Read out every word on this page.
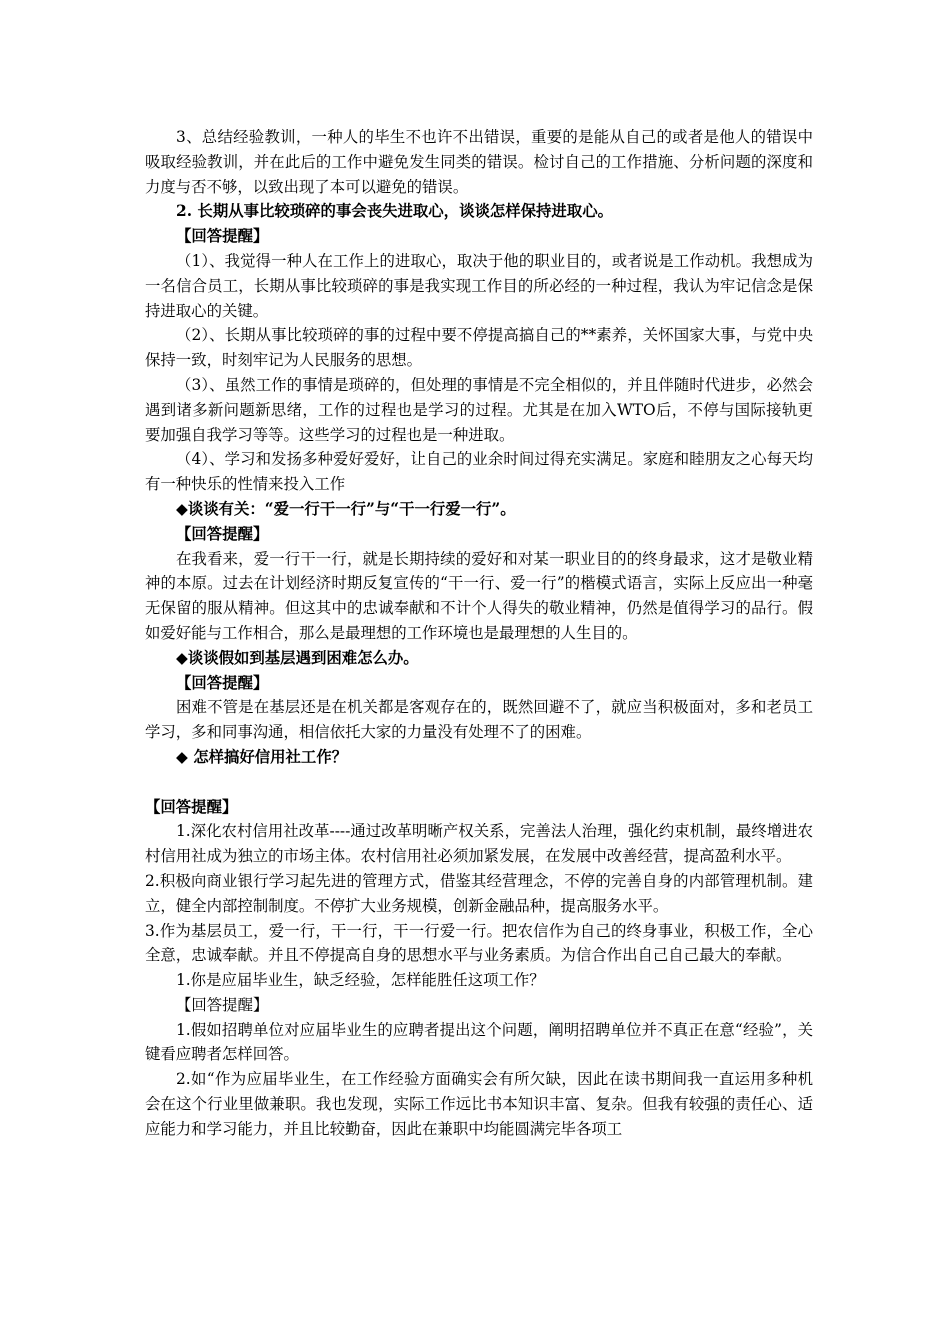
3、总结经验教训，一种人的毕生不也许不出错误，重要的是能从自己的或者是他人的错误中吸取经验教训，并在此后的工作中避免发生同类的错误。检讨自己的工作措施、分析问题的深度和力度与否不够，以致出现了本可以避免的错误。

2. 长期从事比较琐碎的事会丧失进取心，谈谈怎样保持进取心。

【回答提醒】

（1）、我觉得一种人在工作上的进取心，取决于他的职业目的，或者说是工作动机。我想成为一名信合员工，长期从事比较琐碎的事是我实现工作目的所必经的一种过程，我认为牢记信念是保持进取心的关键。

（2）、长期从事比较琐碎的事的过程中要不停提高搞自己的**素养，关怀国家大事，与党中央保持一致，时刻牢记为人民服务的思想。

（3）、虽然工作的事情是琐碎的，但处理的事情是不完全相似的，并且伴随时代进步，必然会遇到诸多新问题新思绪，工作的过程也是学习的过程。尤其是在加入WTO后，不停与国际接轨更要加强自我学习等等。这些学习的过程也是一种进取。

（4）、学习和发扬多种爱好爱好，让自己的业余时间过得充实满足。家庭和睦朋友之心每天均有一种快乐的性情来投入工作

◆谈谈有关：“爱一行干一行”与“干一行爱一行”。

【回答提醒】

在我看来，爱一行干一行，就是长期持续的爱好和对某一职业目的的终身最求，这才是敬业精神的本原。过去在计划经济时期反复宣传的“干一行、爱一行”的楷模式语言，实际上反应出一种毫无保留的服从精神。但这其中的忠诚奉献和不计个人得失的敬业精神，仍然是值得学习的品行。假如爱好能与工作相合，那么是最理想的工作环境也是最理想的人生目的。

◆谈谈假如到基层遇到困难怎么办。

【回答提醒】

困难不管是在基层还是在机关都是客观存在的，既然回避不了，就应当积极面对，多和老员工学习，多和同事沟通，相信依托大家的力量没有处理不了的困难。

◆ 怎样搞好信用社工作？

【回答提醒】

1.深化农村信用社改革----通过改革明晰产权关系，完善法人治理，强化约束机制，最终增进农村信用社成为独立的市场主体。农村信用社必须加紧发展，在发展中改善经营，提高盈利水平。

2.积极向商业银行学习起先进的管理方式，借鉴其经营理念，不停的完善自身的内部管理机制。建立，健全内部控制制度。不停扩大业务规模，创新金融品种，提高服务水平。

3.作为基层员工，爱一行，干一行，干一行爱一行。把农信作为自己的终身事业，积极工作，全心全意，忠诚奉献。并且不停提高自身的思想水平与业务素质。为信合作出自己自己最大的奉献。

1.你是应届毕业生，缺乏经验，怎样能胜任这项工作？

【回答提醒】

1.假如招聘单位对应届毕业生的应聘者提出这个问题，阐明招聘单位并不真正在意“经验”，关键看应聘者怎样回答。

2.如“作为应届毕业生，在工作经验方面确实会有所欠缺，因此在读书期间我一直运用多种机会在这个行业里做兼职。我也发现，实际工作远比书本知识丰富、复杂。但我有较强的责任心、适应能力和学习能力，并且比较勤奋，因此在兼职中均能圆满完毕各项工
